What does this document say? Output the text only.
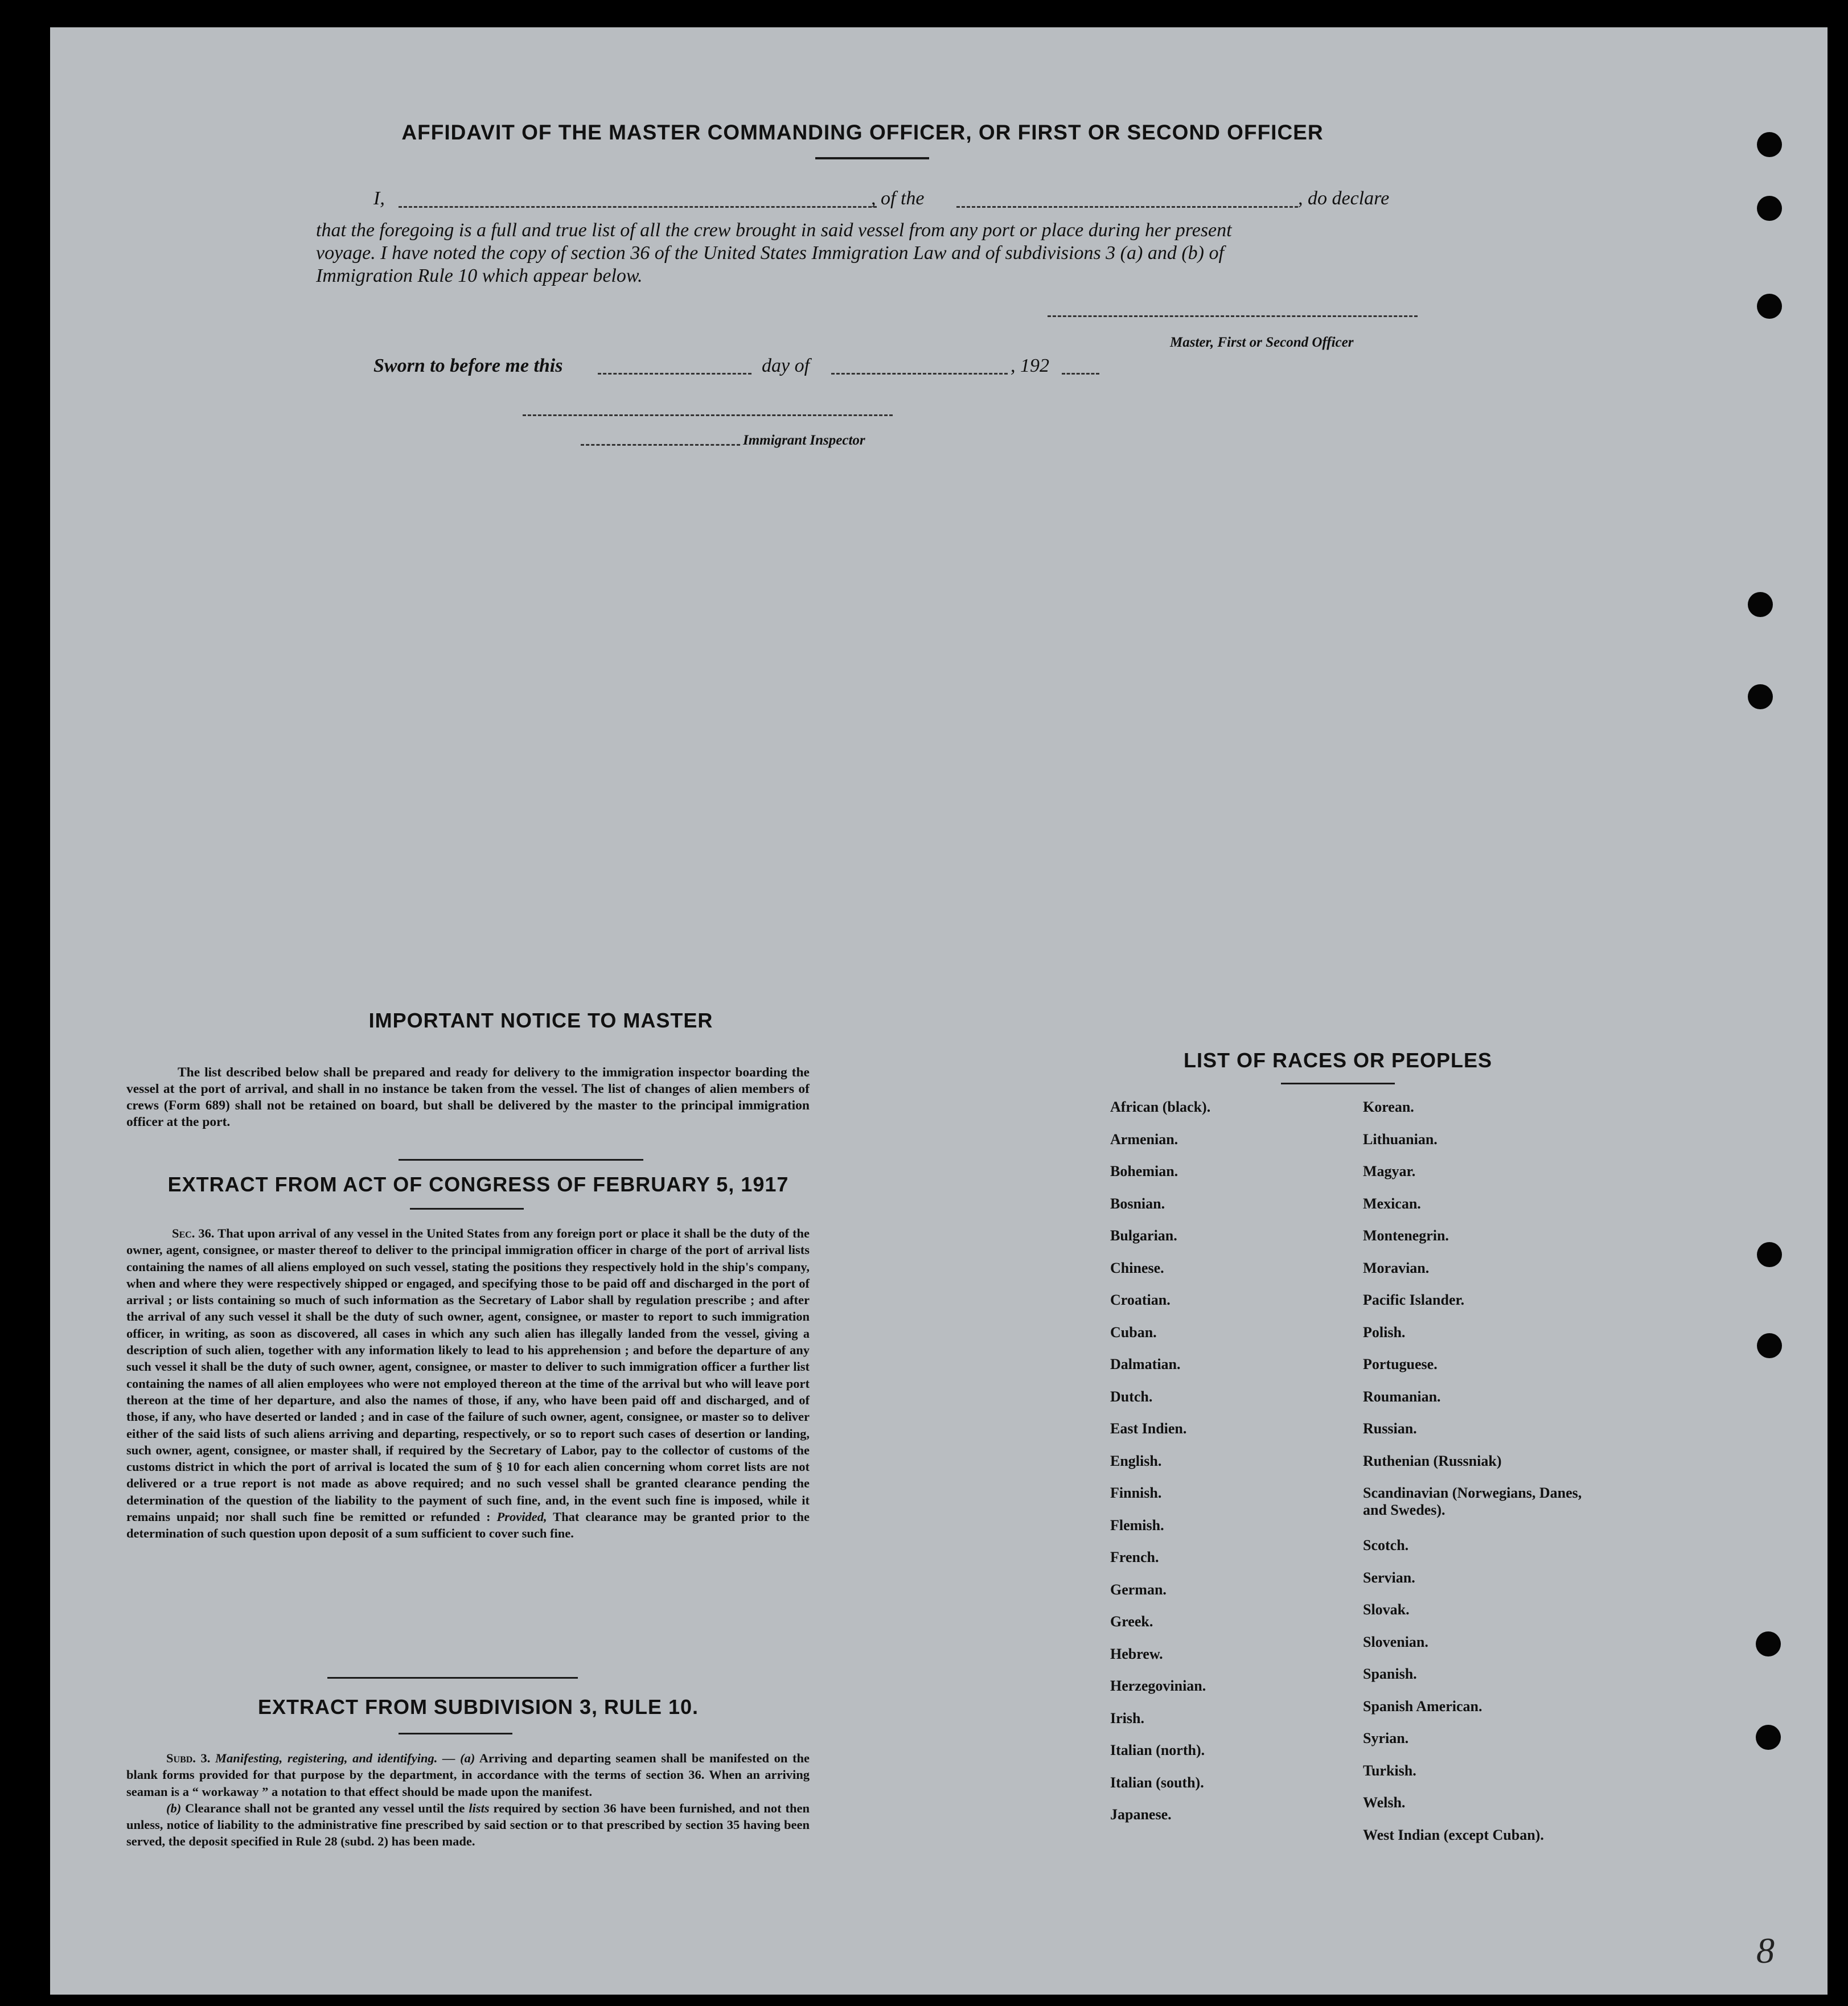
AFFIDAVIT OF THE MASTER COMMANDING OFFICER, OR FIRST OR SECOND OFFICER
I,	, of the	, do declare
that the foregoing is a full and true list of all the crew brought in said vessel from any port or place during her present
voyage. I have noted the copy of section 36 of the United States Immigration Law and of subdivisions 3 (a) and (b) of
Immigration Rule 10 which appear below.
Master, First or Second Officer
Sworn to before me this	day of	, 192
Immigrant Inspector
IMPORTANT NOTICE TO MASTER
The list described below shall be prepared and ready for delivery to the immigration inspector boarding the vessel at the port of arrival, and shall in no instance be taken from the vessel. The list of changes of alien members of crews (Form 689) shall not be retained on board, but shall be delivered by the master to the principal immigration officer at the port.
EXTRACT FROM ACT OF CONGRESS OF FEBRUARY 5, 1917
Sec. 36. That upon arrival of any vessel in the United States from any foreign port or place it shall be the duty of the owner, agent, consignee, or master thereof to deliver to the principal immigration officer in charge of the port of arrival lists containing the names of all aliens employed on such vessel, stating the positions they respectively hold in the ship's company, when and where they were respectively shipped or engaged, and specifying those to be paid off and discharged in the port of arrival ; or lists containing so much of such information as the Secretary of Labor shall by regulation prescribe ; and after the arrival of any such vessel it shall be the duty of such owner, agent, consignee, or master to report to such immigration officer, in writing, as soon as discovered, all cases in which any such alien has illegally landed from the vessel, giving a description of such alien, together with any information likely to lead to his apprehension ; and before the departure of any such vessel it shall be the duty of such owner, agent, consignee, or master to deliver to such immigration officer a further list containing the names of all alien employees who were not employed thereon at the time of the arrival but who will leave port thereon at the time of her departure, and also the names of those, if any, who have been paid off and discharged, and of those, if any, who have deserted or landed ; and in case of the failure of such owner, agent, consignee, or master so to deliver either of the said lists of such aliens arriving and departing, respectively, or so to report such cases of desertion or landing, such owner, agent, consignee, or master shall, if required by the Secretary of Labor, pay to the collector of customs of the customs district in which the port of arrival is located the sum of § 10 for each alien concerning whom corret lists are not delivered or a true report is not made as above required; and no such vessel shall be granted clearance pending the determination of the question of the liability to the payment of such fine, and, in the event such fine is imposed, while it remains unpaid; nor shall such fine be remitted or refunded : Provided, That clearance may be granted prior to the determination of such question upon deposit of a sum sufficient to cover such fine.
EXTRACT FROM SUBDIVISION 3, RULE 10.

Subd. 3. Manifesting, registering, and identifying. — (a) Arriving and departing seamen shall be manifested on the blank forms provided for that purpose by the department, in accordance with the terms of section 36. When an arriving seaman is a “ workaway ” a notation to that effect should be made upon the manifest.

(b) Clearance shall not be granted any vessel until the lists required by section 36 have been furnished, and not then unless, notice of liability to the administrative fine prescribed by said section or to that prescribed by section 35 having been served, the deposit specified in Rule 28 (subd. 2) has been made.

LIST OF RACES OR PEOPLES
African (black).
Armenian.
Bohemian.
Bosnian.
Bulgarian.
Chinese.
Croatian.
Cuban.
Dalmatian.
Dutch.
East Indien.
English.
Finnish.
Flemish.
French.
German.
Greek.
Hebrew.
Herzegovinian.
Irish.
Italian (north).
Italian (south).
Japanese.
Korean.
Lithuanian.
Magyar.
Mexican.
Montenegrin.
Moravian.
Pacific Islander.
Polish.
Portuguese.
Roumanian.
Russian.
Ruthenian (Russniak)
Scandinavian (Norwegians, Danes, and Swedes).
Scotch.
Servian.
Slovak.
Slovenian.
Spanish.
Spanish American.
Syrian.
Turkish.
Welsh.
West Indian (except Cuban).
8
